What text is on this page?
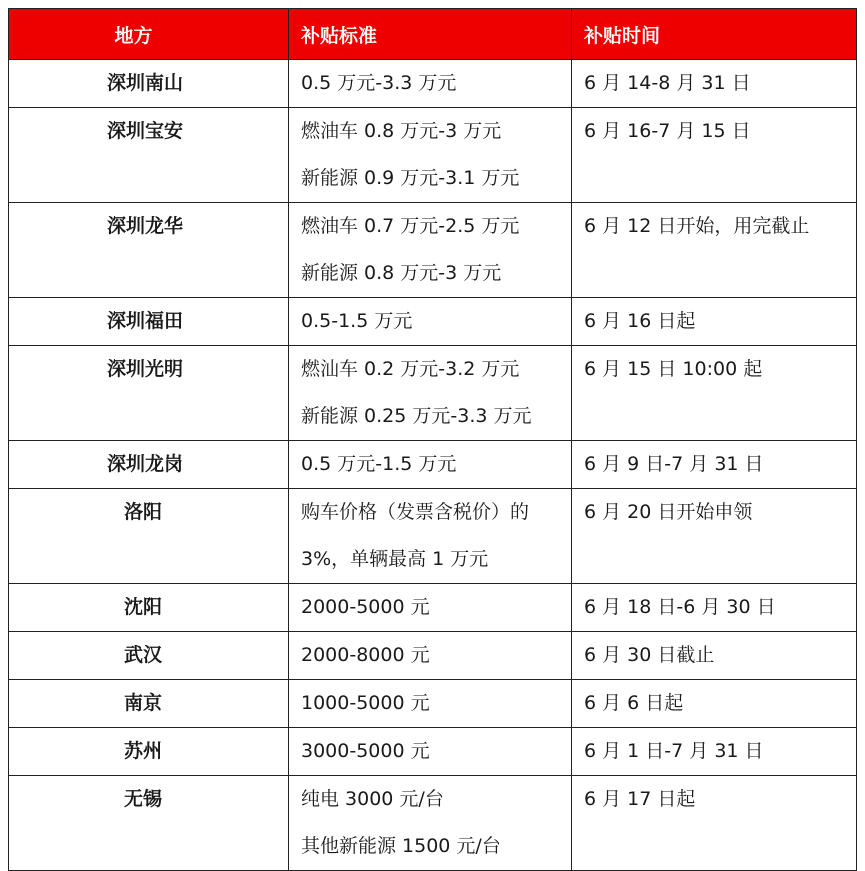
地方	补贴标准	补贴时间

深圳南山	0.5 万元-3.3 万元	6 月 14-8 月 31 日

深圳宝安	燃油车 0.8 万元-3 万元
新能源 0.9 万元-3.1 万元	6 月 16-7 月 15 日

深圳龙华	燃油车 0.7 万元-2.5 万元
新能源 0.8 万元-3 万元	6 月 12 日开始，用完截止

深圳福田	0.5-1.5 万元	6 月 16 日起

深圳光明	燃汕车 0.2 万元-3.2 万元
新能源 0.25 万元-3.3 万元	6 月 15 日 10:00 起

深圳龙岗	0.5 万元-1.5 万元	6 月 9 日-7 月 31 日

洛阳	购车价格（发票含税价）的
3%，单辆最高 1 万元	6 月 20 日开始申领

沈阳	2000-5000 元	6 月 18 日-6 月 30 日

武汉	2000-8000 元	6 月 30 日截止

南京	1000-5000 元	6 月 6 日起

苏州	3000-5000 元	6 月 1 日-7 月 31 日

无锡	纯电 3000 元/台
其他新能源 1500 元/台	6 月 17 日起
